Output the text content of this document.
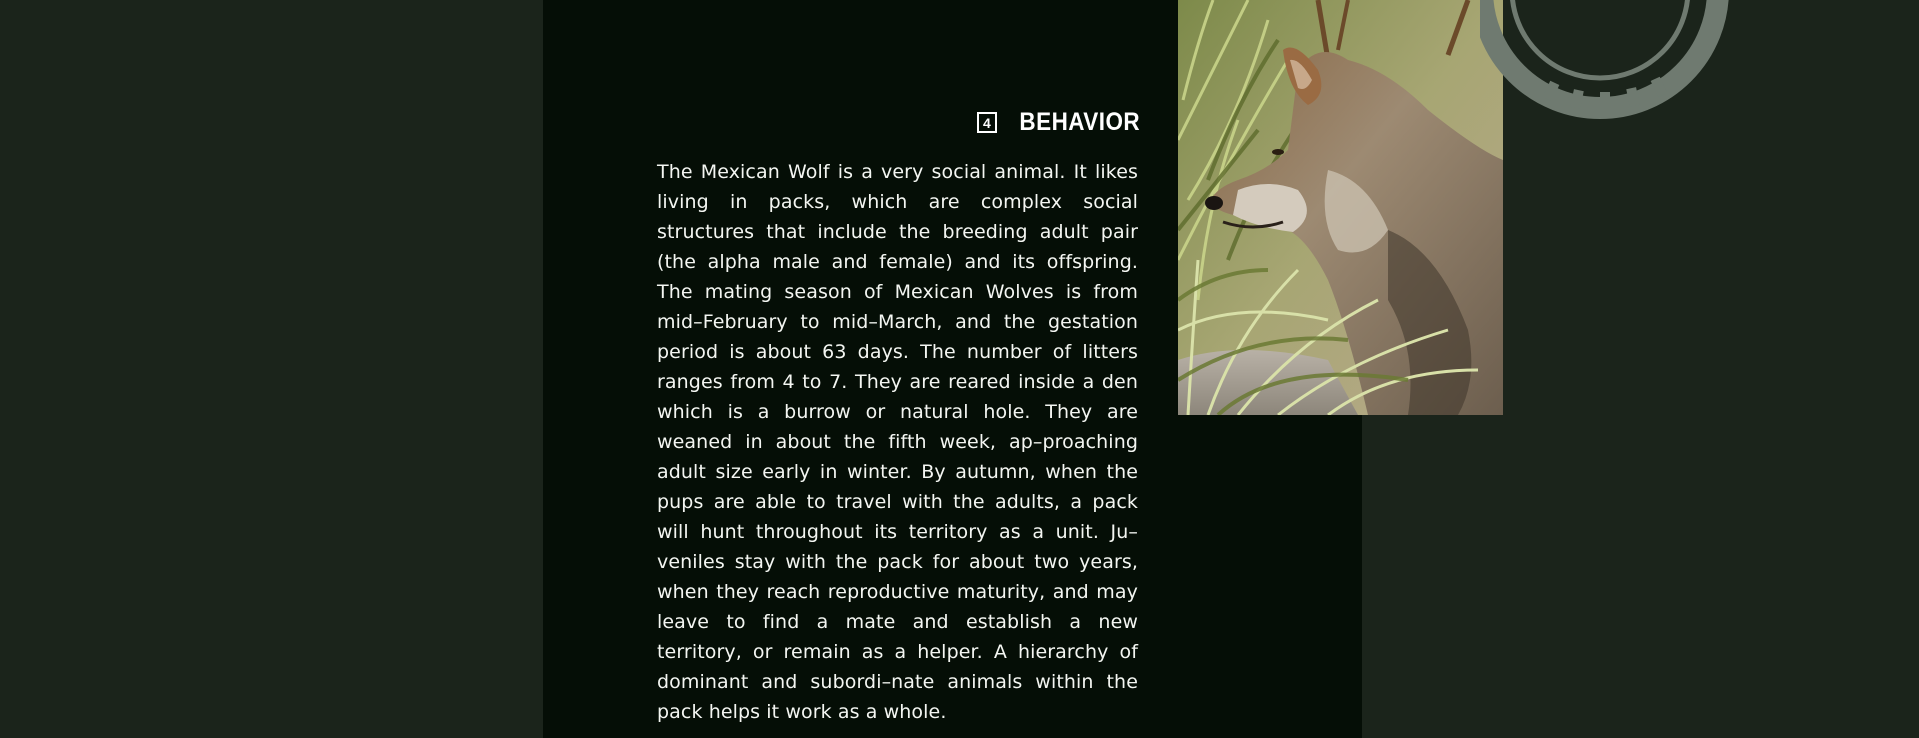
4 BEHAVIOR

The Mexican Wolf is a very social animal. It likes living in packs, which are complex social structures that include the breeding adult pair (the alpha male and female) and its offspring. The mating season of Mexican Wolves is from mid–February to mid–March, and the gestation period is about 63 days. The number of litters ranges from 4 to 7. They are reared inside a den which is a burrow or natural hole. They are weaned in about the fifth week, ap–proaching adult size early in winter. By autumn, when the pups are able to travel with the adults, a pack will hunt throughout its territory as a unit. Ju–veniles stay with the pack for about two years, when they reach reproductive maturity, and may leave to find a mate and establish a new territory, or remain as a helper. A hierarchy of dominant and subordi–nate animals within the pack helps it work as a whole.
